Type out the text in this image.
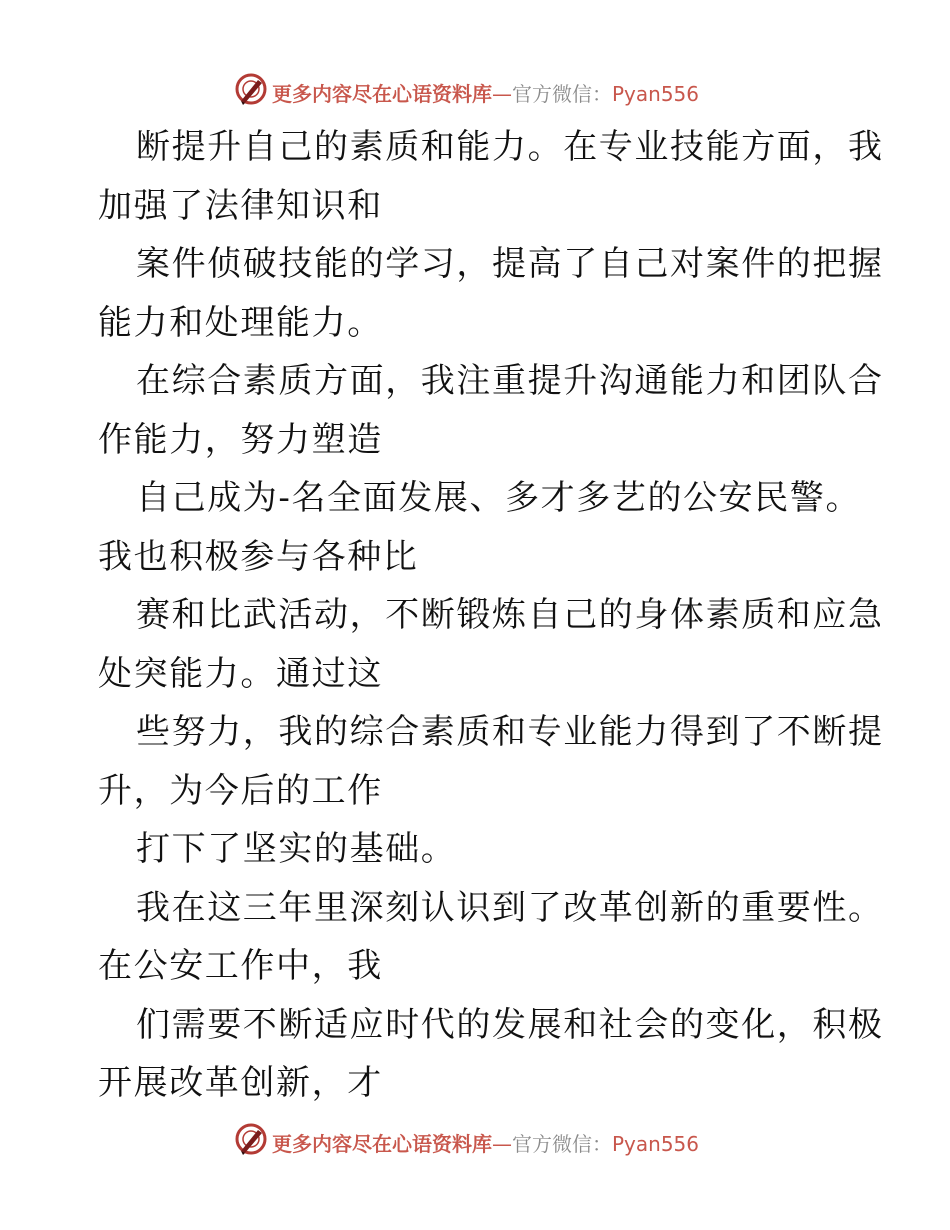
更多内容尽在心语资料库—官方微信：Pyan556
断提升自己的素质和能力。在专业技能方面，我
加强了法律知识和
案件侦破技能的学习，提高了自己对案件的把握
能力和处理能力。
在综合素质方面，我注重提升沟通能力和团队合
作能力，努力塑造
自己成为-名全面发展、多才多艺的公安民警。
我也积极参与各种比
赛和比武活动，不断锻炼自己的身体素质和应急
处突能力。通过这
些努力，我的综合素质和专业能力得到了不断提
升，为今后的工作
打下了坚实的基础。
我在这三年里深刻认识到了改革创新的重要性。
在公安工作中，我
们需要不断适应时代的发展和社会的变化，积极
开展改革创新，才
更多内容尽在心语资料库—官方微信：Pyan556
